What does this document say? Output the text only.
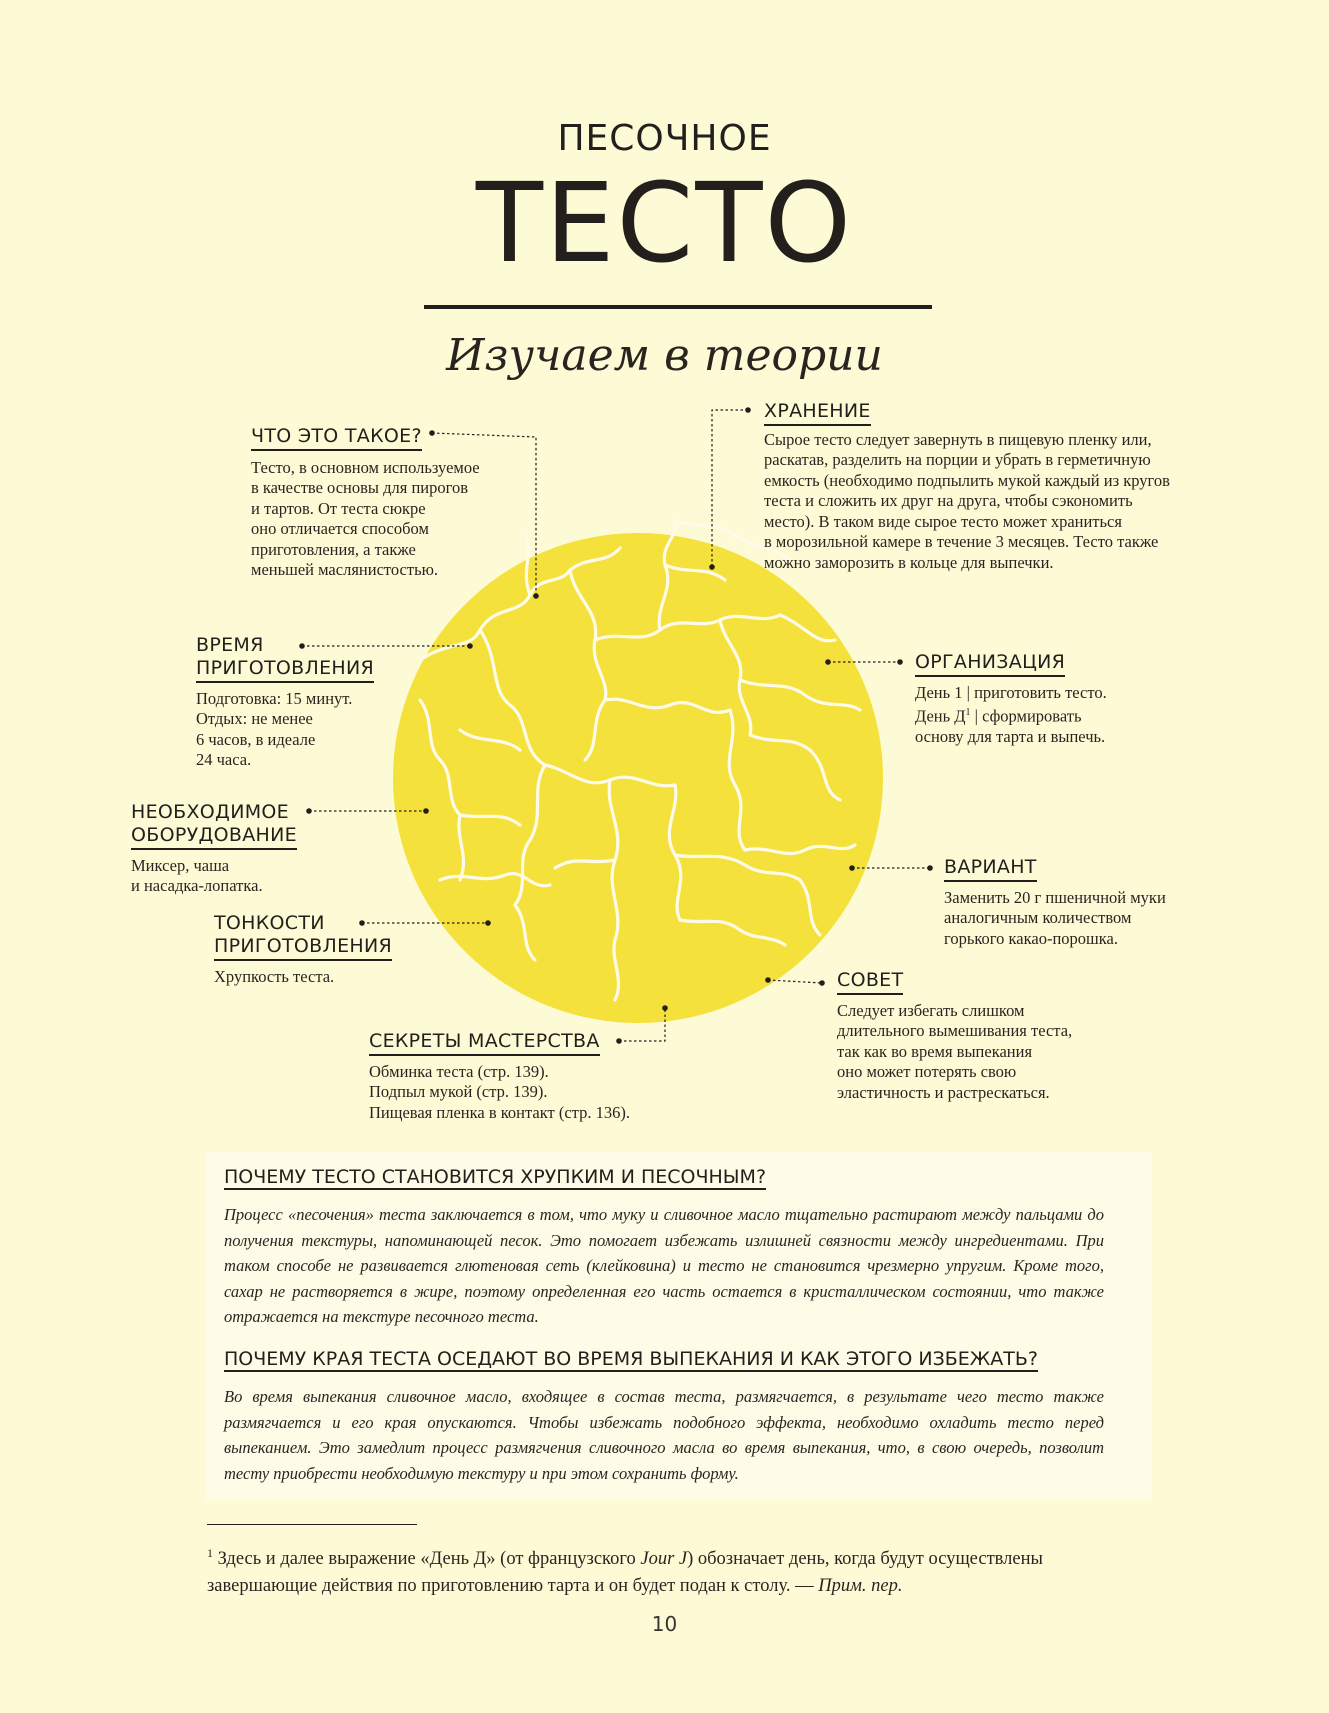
ПЕСОЧНОЕ
ТЕСТО
Изучаем в теории
ЧТО ЭТО ТАКОЕ?

Тесто, в основном используемое

в качестве основы для пирогов

и тартов. От теста сюкре

оно отличается способом

приготовления, а также

меньшей маслянистостью.

ХРАНЕНИЕ

Сырое тесто следует завернуть в пищевую пленку или,

раскатав, разделить на порции и убрать в герметичную

емкость (необходимо подпылить мукой каждый из кругов

теста и сложить их друг на друга, чтобы сэкономить

место). В таком виде сырое тесто может храниться

в морозильной камере в течение 3 месяцев. Тесто также

можно заморозить в кольце для выпечки.

ВРЕМЯ
ПРИГОТОВЛЕНИЯ

Подготовка: 15 минут.

Отдых: не менее

6 часов, в идеале

24 часа.

ОРГАНИЗАЦИЯ

День 1 | приготовить тесто.

День $Д^1$ | сформировать

основу для тарта и выпечь.

НЕОБХОДИМОЕ
ОБОРУДОВАНИЕ

Миксер, чаша

и насадка-лопатка.

ВАРИАНТ

Заменить 20 г пшеничной муки

аналогичным количеством

горького какао-порошка.

ТОНКОСТИ
ПРИГОТОВЛЕНИЯ

Хрупкость теста.	СОВЕТ

Следует избегать слишком

длительного вымешивания теста,

так как во время выпекания

оно может потерять свою

эластичность и растрескаться.

СЕКРЕТЫ МАСТЕРСТВА

Обминка теста (стр. 139).

Подпыл мукой (стр. 139).

Пищевая пленка в контакт (стр. 136).

ПОЧЕМУ ТЕСТО СТАНОВИТСЯ ХРУПКИМ И ПЕСОЧНЫМ?
Процесс «песочения» теста заключается в том, что муку и сливочное масло тщательно растирают между пальцами до получения текстуры, напоминающей песок. Это помогает избежать излишней связности между ингредиентами. При таком способе не развивается глютеновая сеть (клейковина) и тесто не становится чрезмерно упругим. Кроме того, сахар не растворяется в жире, поэтому определенная его часть остается в кристаллическом состоянии, что также отражается на текстуре песочного теста.
ПОЧЕМУ КРАЯ ТЕСТА ОСЕДАЮТ ВО ВРЕМЯ ВЫПЕКАНИЯ И КАК ЭТОГО ИЗБЕЖАТЬ?
Во время выпекания сливочное масло, входящее в состав теста, размягчается, в результате чего тесто также размягчается и его края опускаются. Чтобы избежать подобного эффекта, необходимо охладить тесто перед выпеканием. Это замедлит процесс размягчения сливочного масла во время выпекания, что, в свою очередь, позволит тесту приобрести необходимую текстуру и при этом сохранить форму.
$^1$ Здесь и далее выражение «День Д» (от французского Jour J) обозначает день, когда будут осуществлены завершающие действия по приготовлению тарта и он будет подан к столу. — Прим. пер.
10
